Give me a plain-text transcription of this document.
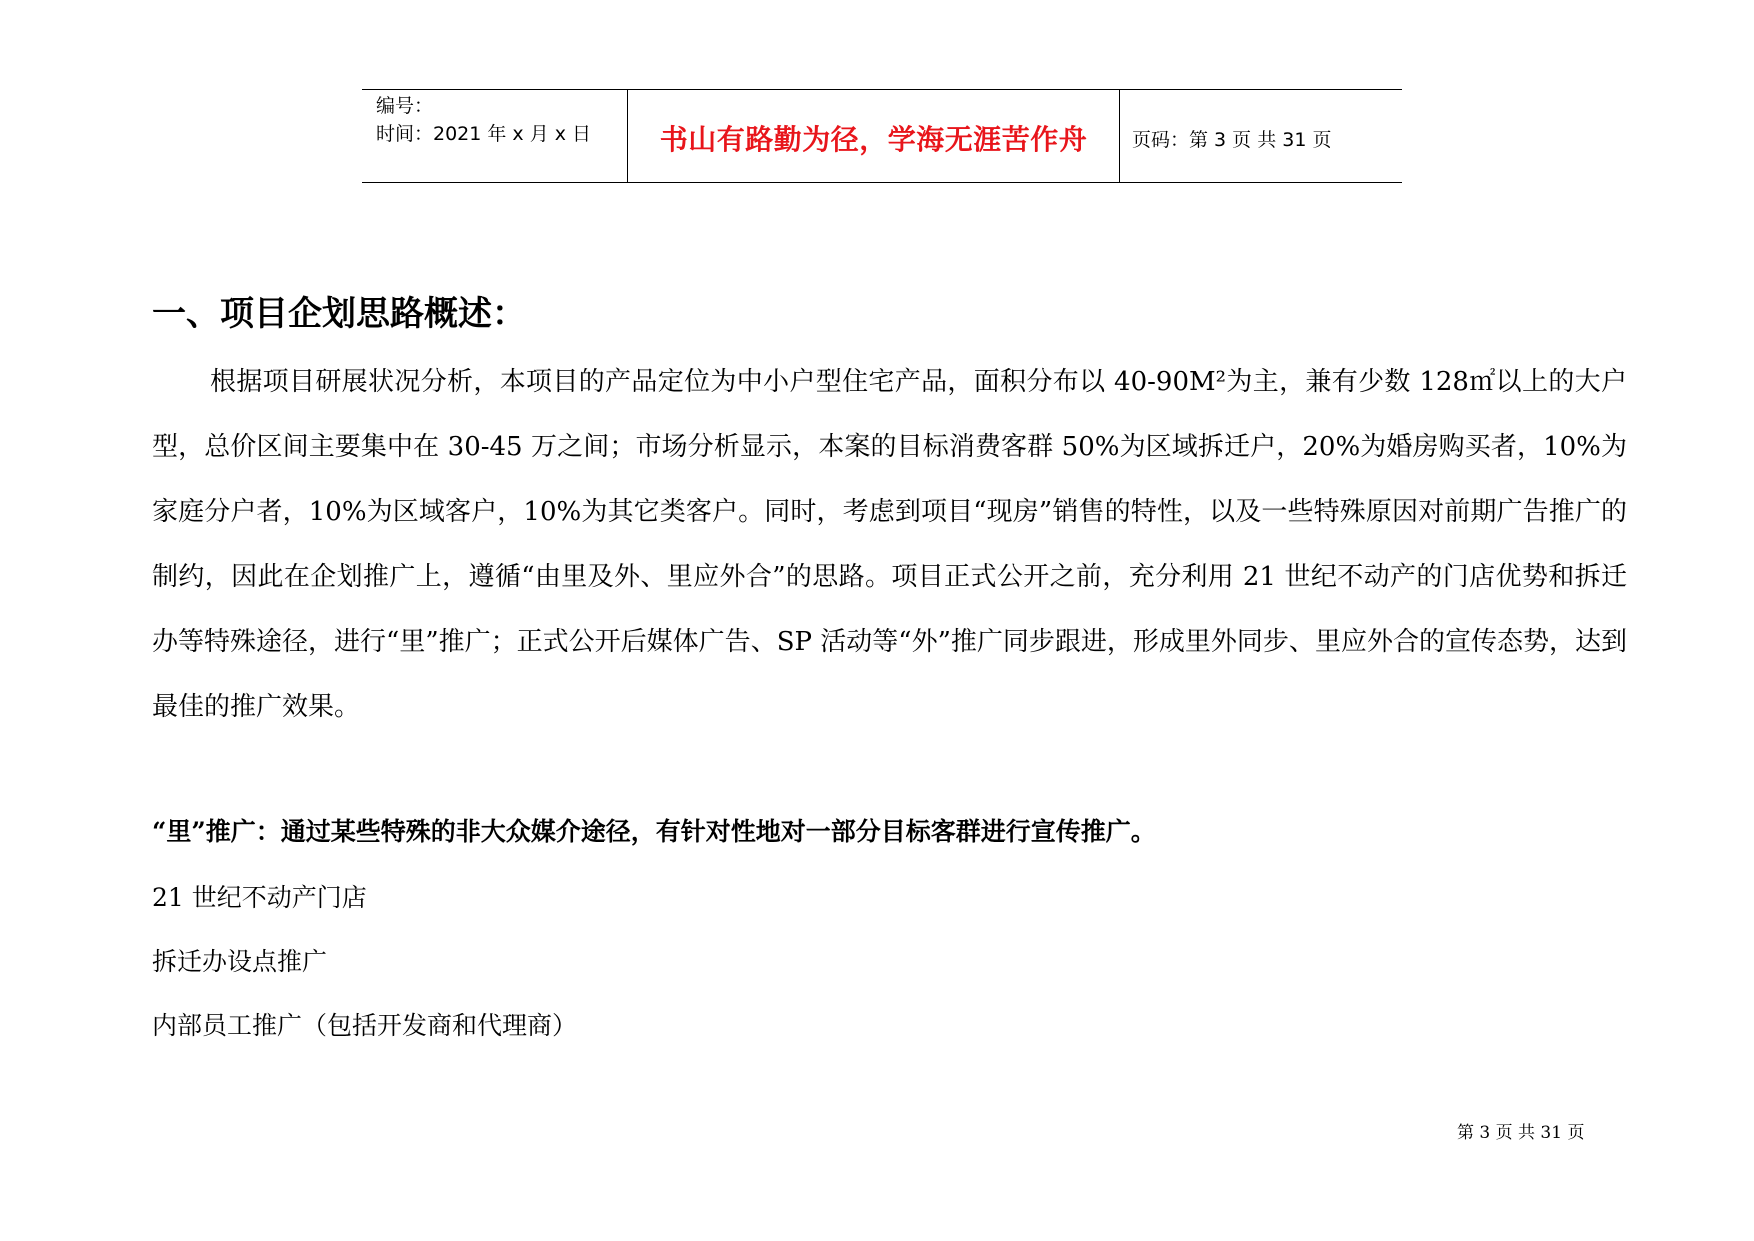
编号：
时间：2021 年 x 月 x 日	书山有路勤为径，学海无涯苦作舟 页码：第 3 页 共 31 页
一、项目企划思路概述：

根据项目研展状况分析，本项目的产品定位为中小户型住宅产品，面积分布以 40-90M²为主，兼有少数 128㎡以上的大户型，总价区间主要集中在 30-45 万之间；市场分析显示，本案的目标消费客群 50%为区域拆迁户，20%为婚房购买者，10%为家庭分户者，10%为区域客户，10%为其它类客户。同时，考虑到项目“现房”销售的特性，以及一些特殊原因对前期广告推广的制约，因此在企划推广上，遵循“由里及外、里应外合”的思路。项目正式公开之前，充分利用 21 世纪不动产的门店优势和拆迁办等特殊途径，进行“里”推广；正式公开后媒体广告、SP 活动等“外”推广同步跟进，形成里外同步、里应外合的宣传态势，达到最佳的推广效果。

“里”推广：通过某些特殊的非大众媒介途径，有针对性地对一部分目标客群进行宣传推广。
21 世纪不动产门店
拆迁办设点推广
内部员工推广（包括开发商和代理商）
第 3 页 共 31 页
